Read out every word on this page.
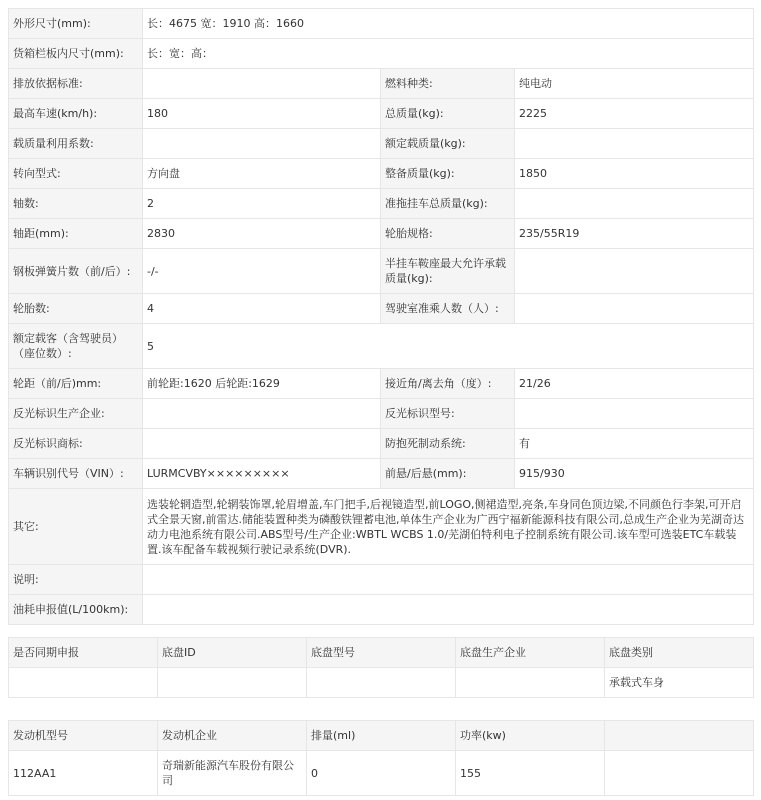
外形尺寸(mm):	长：4675 宽：1910 高：1660		
货箱栏板内尺寸(mm):	长：宽：高：		
排放依据标准:		燃料种类:	纯电动
最高车速(km/h):	180	总质量(kg):	2225
载质量利用系数:		额定载质量(kg):	
转向型式:	方向盘	整备质量(kg):	1850
轴数:	2	准拖挂车总质量(kg):	
轴距(mm):	2830	轮胎规格:	235/55R19
钢板弹簧片数（前/后）:	-/-	半挂车鞍座最大允许承载质量(kg):	
轮胎数:	4	驾驶室准乘人数（人）:	
额定载客（含驾驶员）（座位数）:	5		
轮距（前/后)mm:	前轮距:1620 后轮距:1629	接近角/离去角（度）:	21/26
反光标识生产企业:		反光标识型号:	
反光标识商标:		防抱死制动系统:	有
车辆识别代号（VIN）:	LURMCVBY×××××××××	前悬/后悬(mm):	915/930
其它:	选装轮辋造型,轮辋装饰罩,轮眉增盖,车门把手,后视镜造型,前LOGO,侧裙造型,亮条,车身同色顶边梁,不同颜色行李架,可开启式全景天窗,前雷达.储能装置种类为磷酸铁锂蓄电池,单体生产企业为广西宁福新能源科技有限公司,总成生产企业为芜湖奇达动力电池系统有限公司.ABS型号/生产企业:WBTL WCBS 1.0/芜湖伯特利电子控制系统有限公司.该车型可选装ETC车载装置.该车配备车载视频行驶记录系统(DVR).		
说明:			
油耗申报值(L/100km):			
是否同期申报	底盘ID	底盘型号	底盘生产企业	底盘类别
				承载式车身
发动机型号	发动机企业	排量(ml)	功率(kw)	
112AA1	奇瑞新能源汽车股份有限公司	0	155	
